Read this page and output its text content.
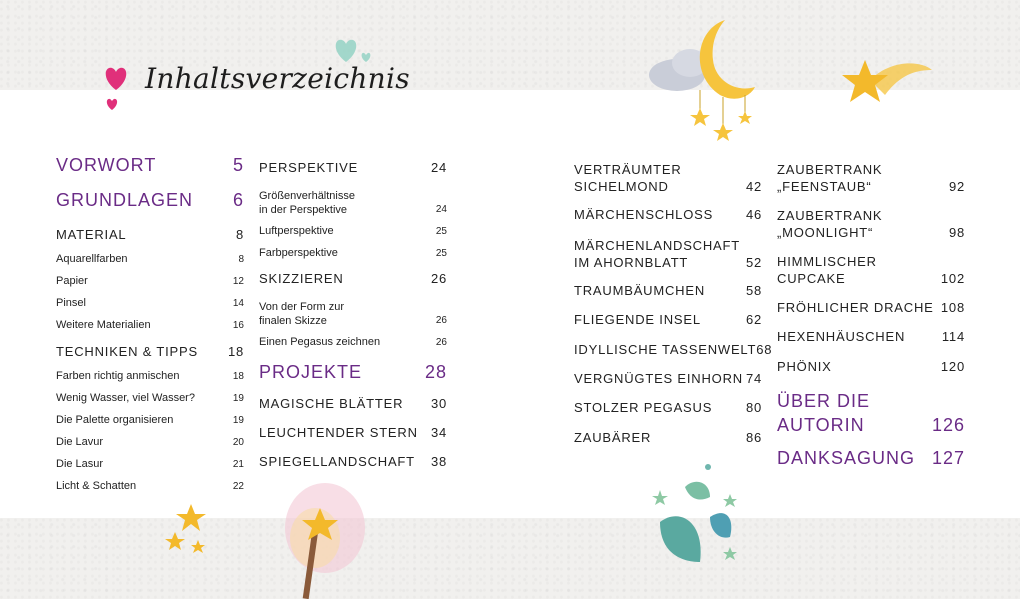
Inhaltsverzeichnis
VORWORT	5
GRUNDLAGEN 6
MATERIAL	8
Aquarellfarben	8
Papier	12
Pinsel	14
Weitere Materialien	16
TECHNIKEN & TIPPS 18
Farben richtig anmischen	18
Wenig Wasser, viel Wasser?	19
Die Palette organisieren	19
Die Lavur	20
Die Lasur	21
Licht & Schatten	22
PERSPEKTIVE	24
Größenverhältnisse
in der Perspektive	24
Luftperspektive	25
Farbperspektive	25
SKIZZIEREN	26
Von der Form zur
finalen Skizze	26
Einen Pegasus zeichnen	26
PROJEKTE	28
MAGISCHE BLÄTTER 30
LEUCHTENDER STERN 34
SPIEGELLANDSCHAFT 38
VERTRÄUMTER
SICHELMOND	42
MÄRCHENSCHLOSS	46
MÄRCHENLANDSCHAFT
IM AHORNBLATT	52
TRAUMBÄUMCHEN	58
FLIEGENDE INSEL	62
IDYLLISCHE TASSENWELT 68
VERGNÜGTES EINHORN 74
STOLZER PEGASUS	80
ZAUBÄRER	86
ZAUBERTRANK
„FEENSTAUB“	92
ZAUBERTRANK
„MOONLIGHT“	98
HIMMLISCHER
CUPCAKE	102
FRÖHLICHER DRACHE 108
HEXENHÄUSCHEN	114
PHÖNIX	120
ÜBER DIE
AUTORIN	126
DANKSAGUNG 127
